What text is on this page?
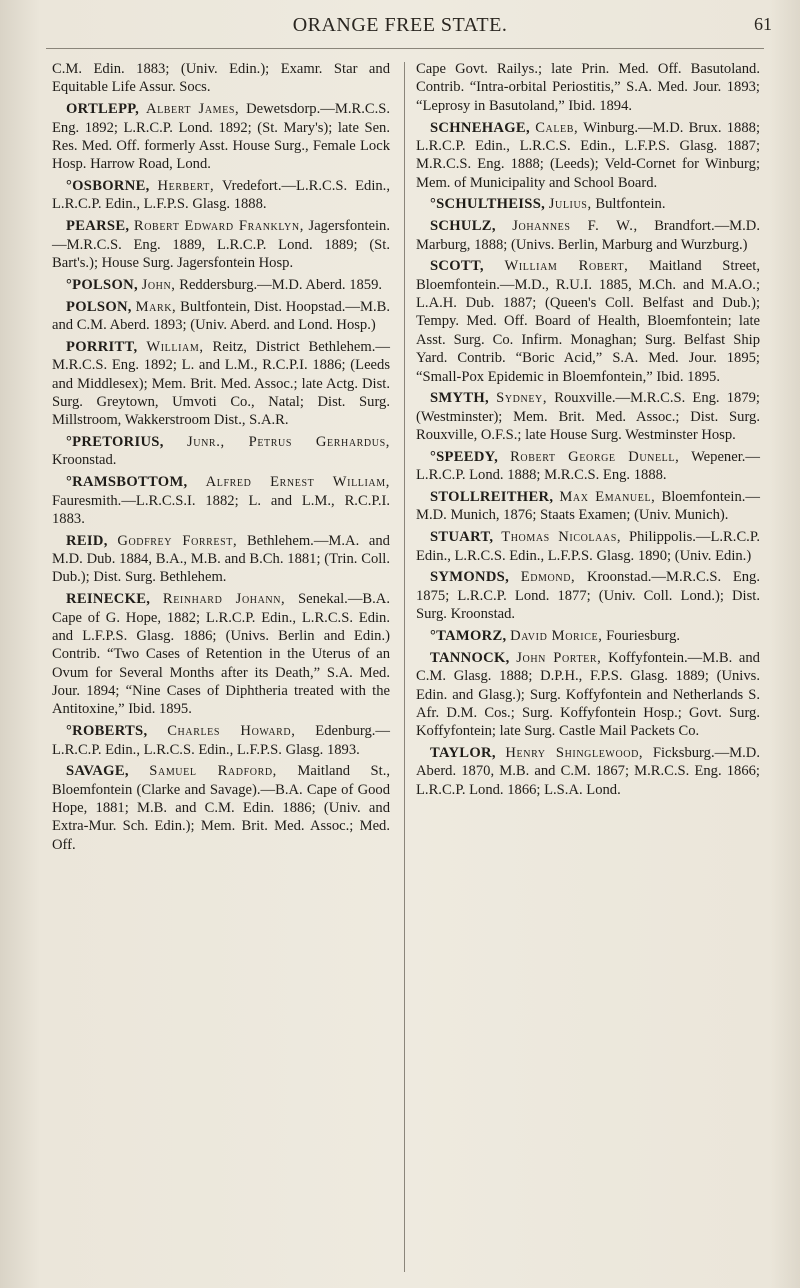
ORANGE FREE STATE.	61

C.M. Edin. 1883; (Univ. Edin.); Examr. Star and Equitable Life Assur. Socs.

ORTLEPP, Albert James, Dewetsdorp.—M.R.C.S. Eng. 1892; L.R.C.P. Lond. 1892; (St. Mary's); late Sen. Res. Med. Off. formerly Asst. House Surg., Female Lock Hosp. Harrow Road, Lond.

°OSBORNE, Herbert, Vredefort.—L.R.C.S. Edin., L.R.C.P. Edin., L.F.P.S. Glasg. 1888.

PEARSE, Robert Edward Franklyn, Jagersfontein.—M.R.C.S. Eng. 1889, L.R.C.P. Lond. 1889; (St. Bart's.); House Surg. Jagersfontein Hosp.

°POLSON, John, Reddersburg.—M.D. Aberd. 1859.

POLSON, Mark, Bultfontein, Dist. Hoopstad.—M.B. and C.M. Aberd. 1893; (Univ. Aberd. and Lond. Hosp.)

PORRITT, William, Reitz, District Bethlehem.—M.R.C.S. Eng. 1892; L. and L.M., R.C.P.I. 1886; (Leeds and Middlesex); Mem. Brit. Med. Assoc.; late Actg. Dist. Surg. Greytown, Umvoti Co., Natal; Dist. Surg. Millstroom, Wakkerstroom Dist., S.A.R.

°PRETORIUS, Junr., Petrus Gerhardus, Kroonstad.

°RAMSBOTTOM, Alfred Ernest William, Fauresmith.—L.R.C.S.I. 1882; L. and L.M., R.C.P.I. 1883.

REID, Godfrey Forrest, Bethlehem.—M.A. and M.D. Dub. 1884, B.A., M.B. and B.Ch. 1881; (Trin. Coll. Dub.); Dist. Surg. Bethlehem.

REINECKE, Reinhard Johann, Senekal.—B.A. Cape of G. Hope, 1882; L.R.C.P. Edin., L.R.C.S. Edin. and L.F.P.S. Glasg. 1886; (Univs. Berlin and Edin.) Contrib. “Two Cases of Retention in the Uterus of an Ovum for Several Months after its Death,” S.A. Med. Jour. 1894; “Nine Cases of Diphtheria treated with the Antitoxine,” Ibid. 1895.

°ROBERTS, Charles Howard, Edenburg.—L.R.C.P. Edin., L.R.C.S. Edin., L.F.P.S. Glasg. 1893.

SAVAGE, Samuel Radford, Maitland St., Bloemfontein (Clarke and Savage).—B.A. Cape of Good Hope, 1881; M.B. and C.M. Edin. 1886; (Univ. and Extra-Mur. Sch. Edin.); Mem. Brit. Med. Assoc.; Med. Off.

Cape Govt. Railys.; late Prin. Med. Off. Basutoland. Contrib. “Intra-orbital Periostitis,” S.A. Med. Jour. 1893; “Leprosy in Basutoland,” Ibid. 1894.

SCHNEHAGE, Caleb, Winburg.—M.D. Brux. 1888; L.R.C.P. Edin., L.R.C.S. Edin., L.F.P.S. Glasg. 1887; M.R.C.S. Eng. 1888; (Leeds); Veld-Cornet for Winburg; Mem. of Municipality and School Board.

°SCHULTHEISS, Julius, Bultfontein.

SCHULZ, Johannes F. W., Brandfort.—M.D. Marburg, 1888; (Univs. Berlin, Marburg and Wurzburg.)

SCOTT, William Robert, Maitland Street, Bloemfontein.—M.D., R.U.I. 1885, M.Ch. and M.A.O.; L.A.H. Dub. 1887; (Queen's Coll. Belfast and Dub.); Tempy. Med. Off. Board of Health, Bloemfontein; late Asst. Surg. Co. Infirm. Monaghan; Surg. Belfast Ship Yard. Contrib. “Boric Acid,” S.A. Med. Jour. 1895; “Small-Pox Epidemic in Bloemfontein,” Ibid. 1895.

SMYTH, Sydney, Rouxville.—M.R.C.S. Eng. 1879; (Westminster); Mem. Brit. Med. Assoc.; Dist. Surg. Rouxville, O.F.S.; late House Surg. Westminster Hosp.

°SPEEDY, Robert George Dunell, Wepener.—L.R.C.P. Lond. 1888; M.R.C.S. Eng. 1888.

STOLLREITHER, Max Emanuel, Bloemfontein.—M.D. Munich, 1876; Staats Examen; (Univ. Munich).

STUART, Thomas Nicolaas, Philippolis.—L.R.C.P. Edin., L.R.C.S. Edin., L.F.P.S. Glasg. 1890; (Univ. Edin.)

SYMONDS, Edmond, Kroonstad.—M.R.C.S. Eng. 1875; L.R.C.P. Lond. 1877; (Univ. Coll. Lond.); Dist. Surg. Kroonstad.

°TAMORZ, David Morice, Fouriesburg.

TANNOCK, John Porter, Koffyfontein.—M.B. and C.M. Glasg. 1888; D.P.H., F.P.S. Glasg. 1889; (Univs. Edin. and Glasg.); Surg. Koffyfontein and Netherlands S. Afr. D.M. Cos.; Surg. Koffyfontein Hosp.; Govt. Surg. Koffyfontein; late Surg. Castle Mail Packets Co.

TAYLOR, Henry Shinglewood, Ficksburg.—M.D. Aberd. 1870, M.B. and C.M. 1867; M.R.C.S. Eng. 1866; L.R.C.P. Lond. 1866; L.S.A. Lond.
